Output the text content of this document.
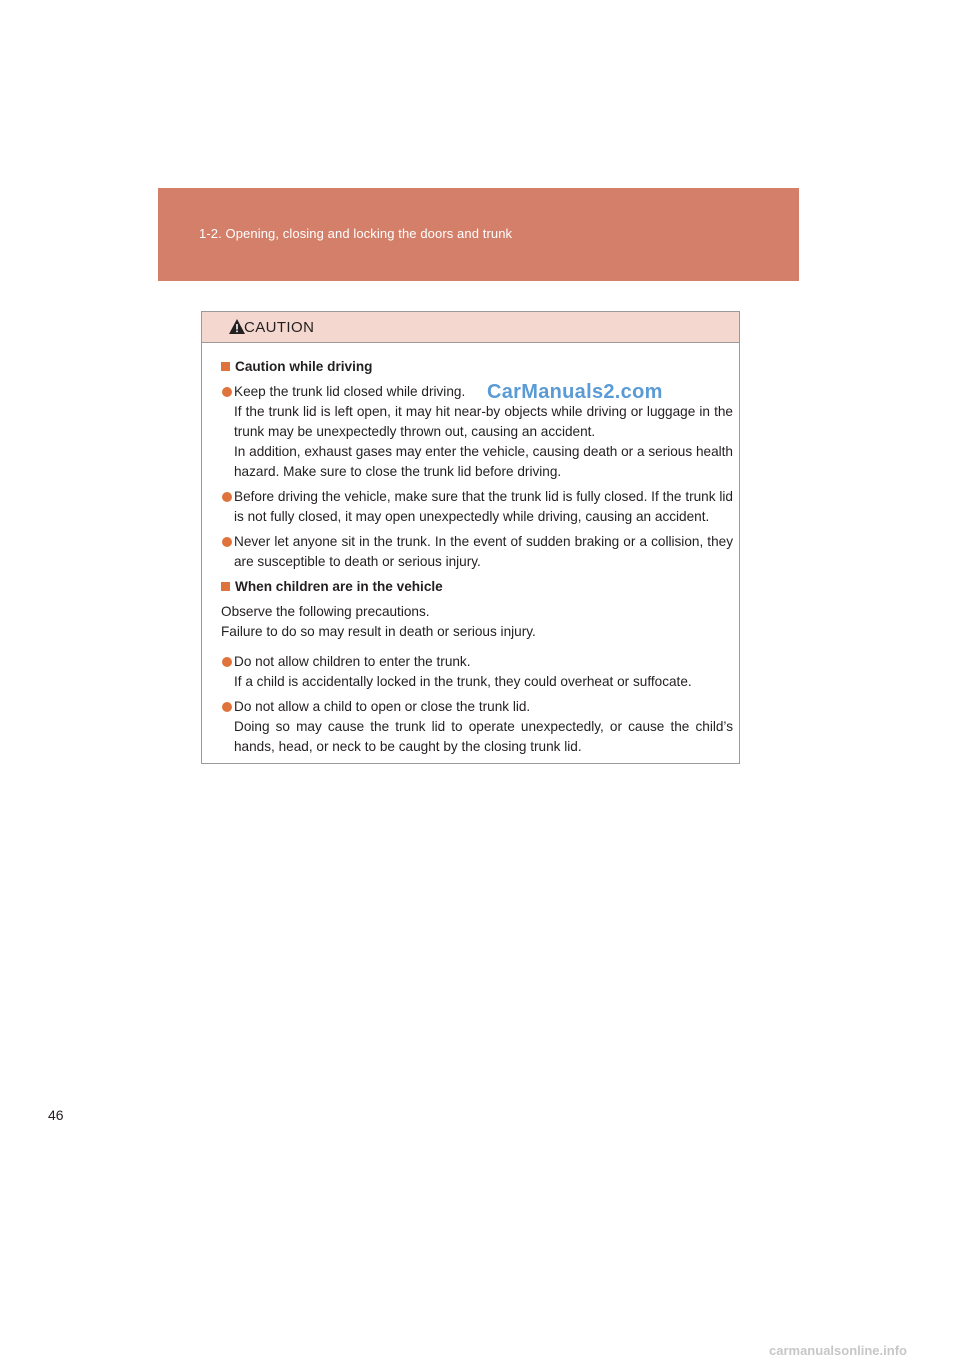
1-2. Opening, closing and locking the doors and trunk
CAUTION
CarManuals2.com
Caution while driving

Keep the trunk lid closed while driving.

If the trunk lid is left open, it may hit near-by objects while driving or luggage in the trunk may be unexpectedly thrown out, causing an accident.

In addition, exhaust gases may enter the vehicle, causing death or a serious health hazard. Make sure to close the trunk lid before driving.

Before driving the vehicle, make sure that the trunk lid is fully closed. If the trunk lid is not fully closed, it may open unexpectedly while driving, causing an accident.

Never let anyone sit in the trunk. In the event of sudden braking or a collision, they are susceptible to death or serious injury.

When children are in the vehicle

Observe the following precautions.

Failure to do so may result in death or serious injury.

Do not allow children to enter the trunk.

If a child is accidentally locked in the trunk, they could overheat or suffocate.

Do not allow a child to open or close the trunk lid.

Doing so may cause the trunk lid to operate unexpectedly, or cause the child’s hands, head, or neck to be caught by the closing trunk lid.

46
carmanualsonline.info
